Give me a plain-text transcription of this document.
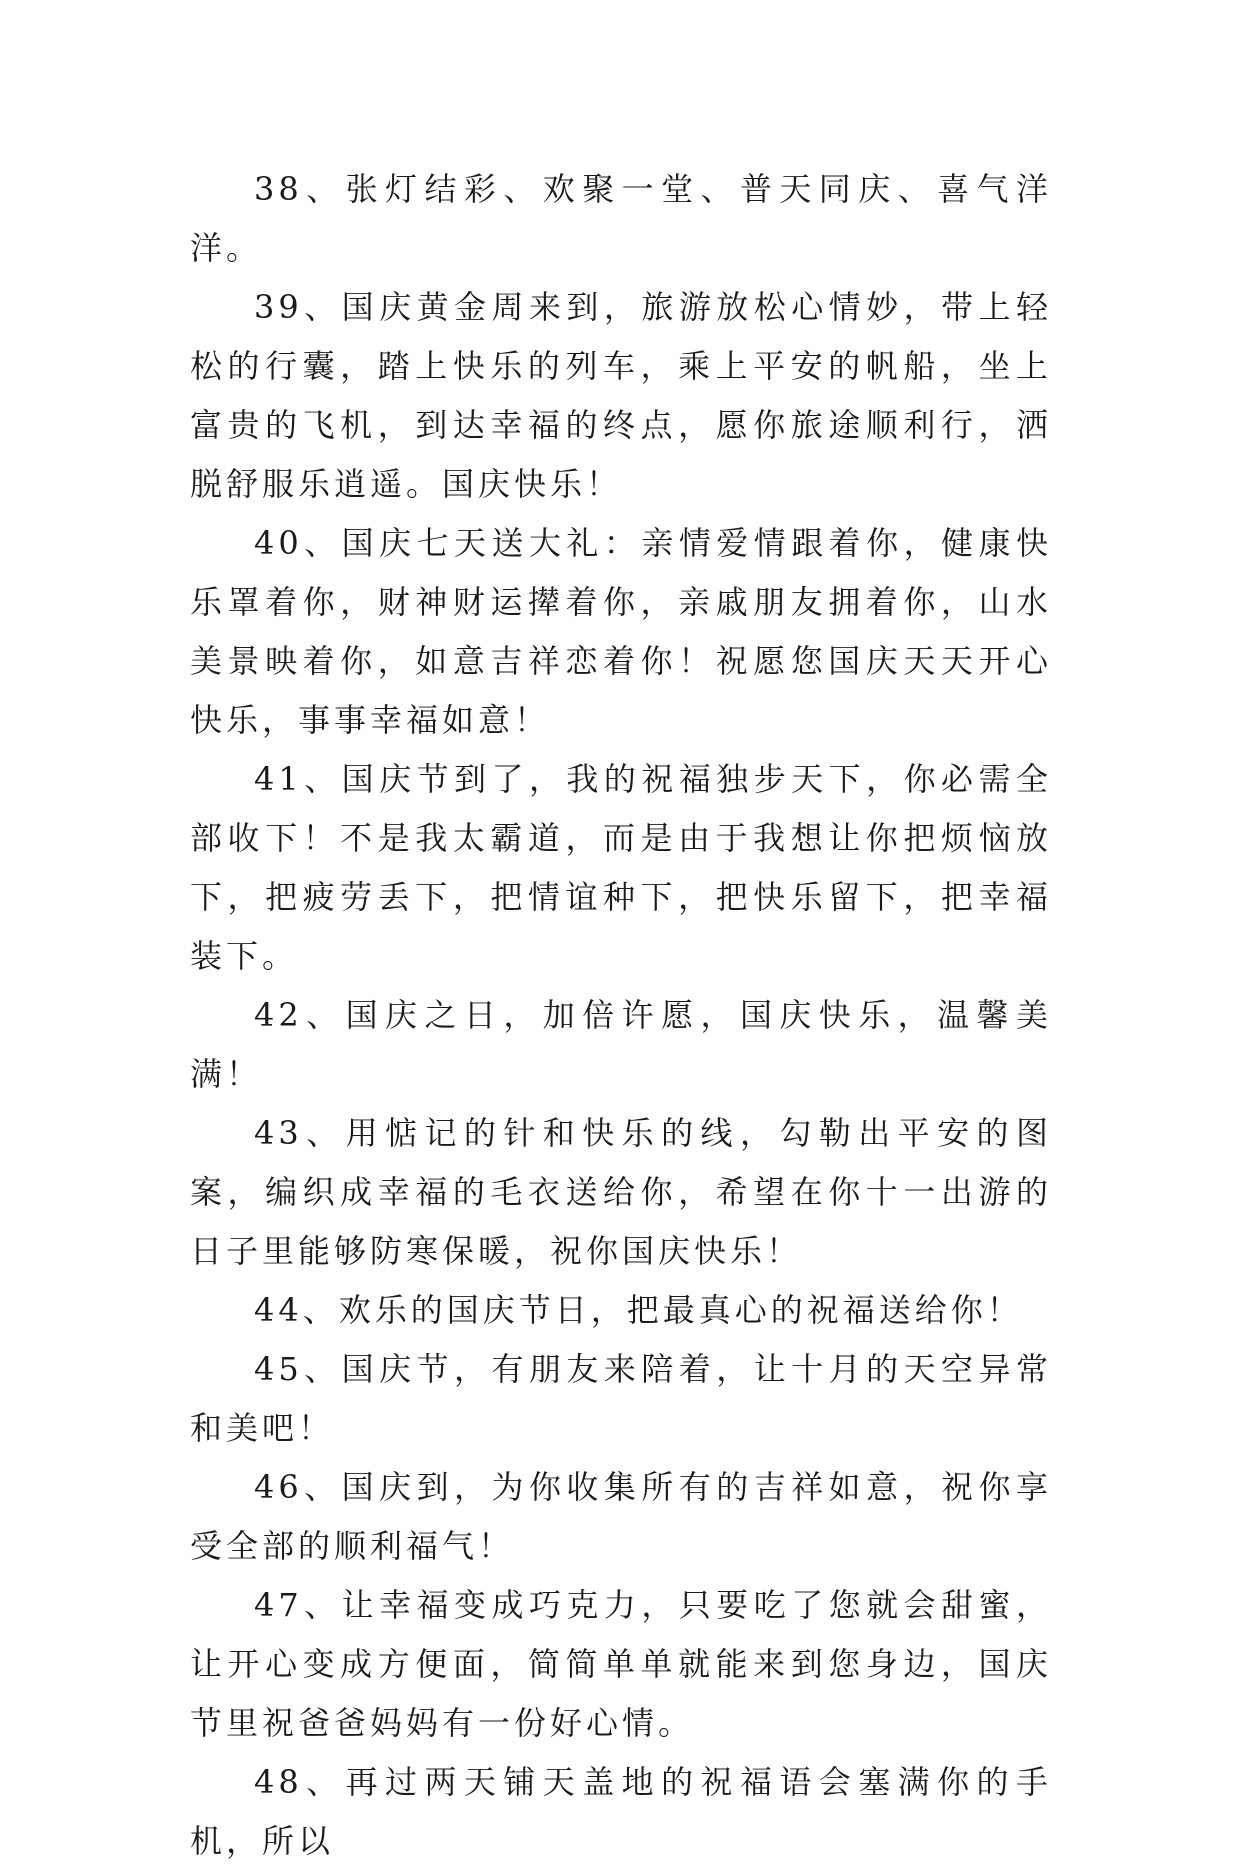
38、张灯结彩、欢聚一堂、普天同庆、喜气洋洋。

39、国庆黄金周来到，旅游放松心情妙，带上轻松的行囊，踏上快乐的列车，乘上平安的帆船，坐上富贵的飞机，到达幸福的终点，愿你旅途顺利行，洒脱舒服乐逍遥。国庆快乐！

40、国庆七天送大礼：亲情爱情跟着你，健康快乐罩着你，财神财运撵着你，亲戚朋友拥着你，山水美景映着你，如意吉祥恋着你！祝愿您国庆天天开心快乐，事事幸福如意！

41、国庆节到了，我的祝福独步天下，你必需全部收下！不是我太霸道，而是由于我想让你把烦恼放下，把疲劳丢下，把情谊种下，把快乐留下，把幸福装下。

42、国庆之日，加倍许愿，国庆快乐，温馨美满！

43、用惦记的针和快乐的线，勾勒出平安的图案，编织成幸福的毛衣送给你，希望在你十一出游的日子里能够防寒保暖，祝你国庆快乐！

44、欢乐的国庆节日，把最真心的祝福送给你！

45、国庆节，有朋友来陪着，让十月的天空异常和美吧！

46、国庆到，为你收集所有的吉祥如意，祝你享受全部的顺利福气！

47、让幸福变成巧克力，只要吃了您就会甜蜜，让开心变成方便面，简简单单就能来到您身边，国庆节里祝爸爸妈妈有一份好心情。

48、再过两天铺天盖地的祝福语会塞满你的手机，所以
